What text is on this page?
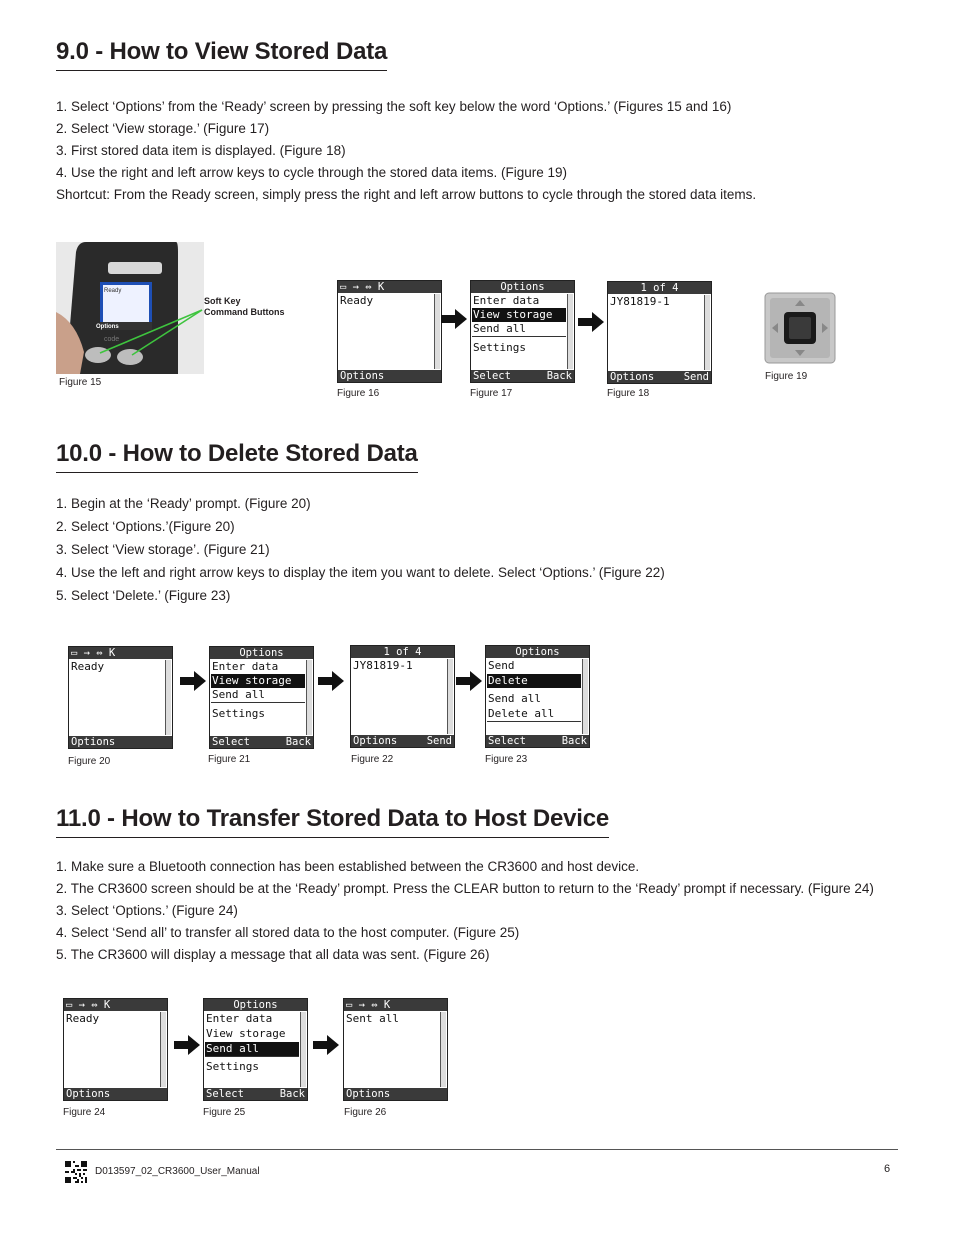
9.0 - How to View Stored Data
1. Select ‘Options’ from the ‘Ready’ screen by pressing the soft key below the word ‘Options.’ (Figures 15 and 16)
2. Select ‘View storage.’ (Figure 17)
3. First stored data item is displayed. (Figure 18)
4. Use the right and left arrow keys to cycle through the stored data items. (Figure 19)
Shortcut: From the Ready screen, simply press the right and left arrow buttons to cycle through the stored data items.
Ready
Options
code
Soft Key
Command Buttons
Figure 15
▭ → ⇔ K
Ready
Options
Figure 16
Options
Enter data
View storage
Send all
Settings
Select	Back
Figure 17
1 of 4
JY81819-1
Options	Send
Figure 18
Figure 19
10.0 - How to Delete Stored Data
1. Begin at the ‘Ready’ prompt. (Figure 20)
2. Select ‘Options.’(Figure 20)
3. Select ‘View storage’. (Figure 21)
4. Use the left and right arrow keys to display the item you want to delete. Select ‘Options.’ (Figure 22)
5. Select ‘Delete.’ (Figure 23)
▭ → ⇔ K
Ready
Options
Figure 20
Options
Enter data
View storage
Send all
Settings
Select	Back
Figure 21
1 of 4
JY81819-1
Options	Send
Figure 22
Options
Send
Delete
Send all
Delete all
Select	Back
Figure 23
11.0 - How to Transfer Stored Data to Host Device
1. Make sure a Bluetooth connection has been established between the CR3600 and host device.
2. The CR3600 screen should be at the ‘Ready’ prompt. Press the CLEAR button to return to the ‘Ready’ prompt if necessary. (Figure 24)
3. Select ‘Options.’ (Figure 24)
4. Select ‘Send all’ to transfer all stored data to the host computer. (Figure 25)
5. The CR3600 will display a message that all data was sent. (Figure 26)
▭ → ⇔ K
Ready
Options
Figure 24
Options
Enter data
View storage
Send all
Settings
Select	Back
Figure 25
▭ → ⇔ K
Sent all
Options
Figure 26
D013597_02_CR3600_User_Manual	6
